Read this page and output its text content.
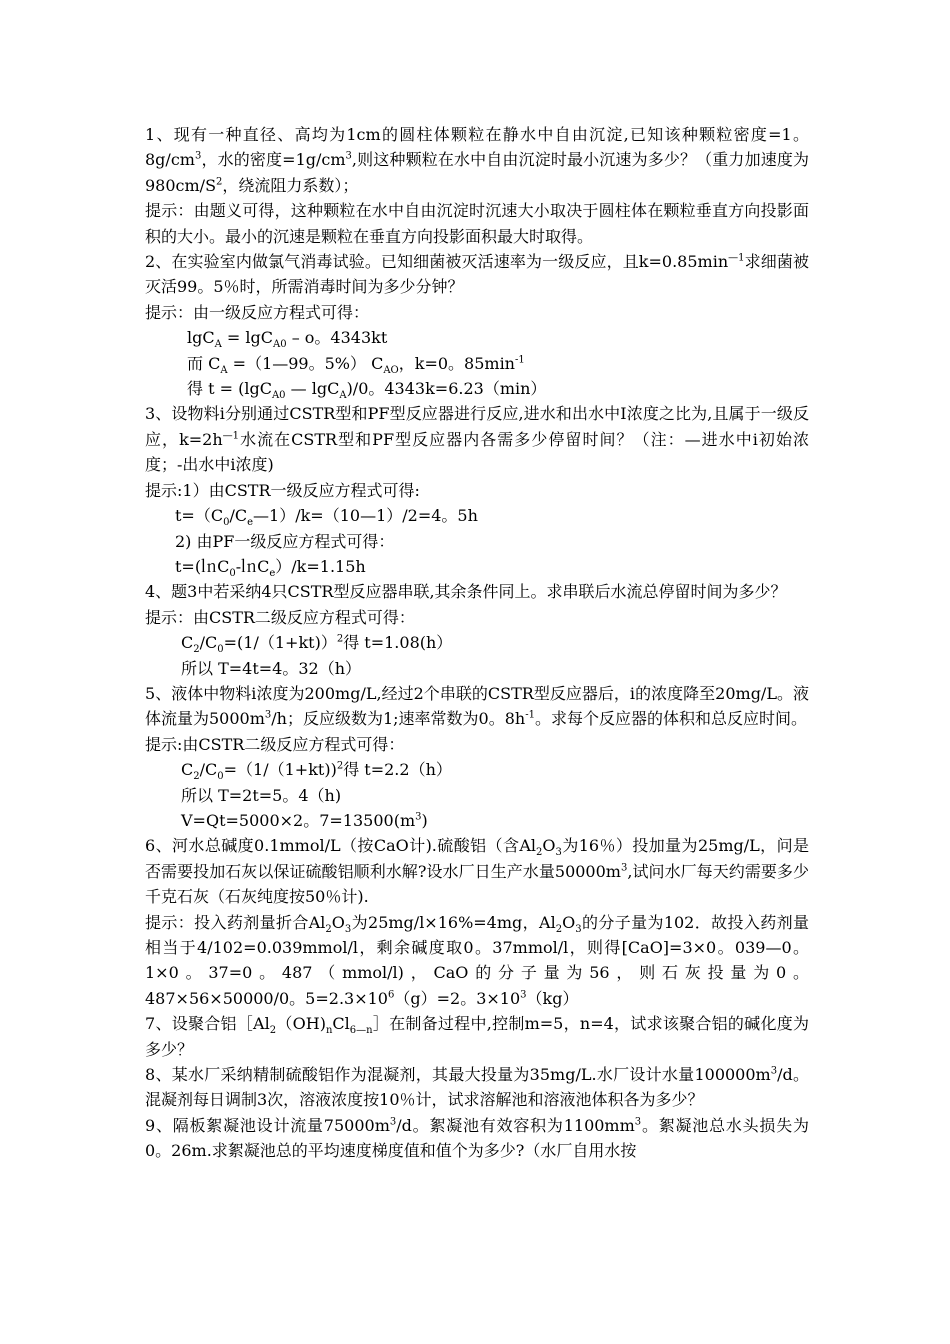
1、现有一种直径、高均为1cm的圆柱体颗粒在静水中自由沉淀,已知该种颗粒密度=1。$8g/cm^3$，水的密度$=1g/cm^3$,则这种颗粒在水中自由沉淀时最小沉速为多少？（重力加速度为$980cm/S^2$，绕流阻力系数）；

提示：由题义可得，这种颗粒在水中自由沉淀时沉速大小取决于圆柱体在颗粒垂直方向投影面积的大小。最小的沉速是颗粒在垂直方向投影面积最大时取得。

2、在实验室内做氯气消毒试验。已知细菌被灭活速率为一级反应，且$k=0.85\min^{—1}$求细菌被灭活99。5％时，所需消毒时间为多少分钟？

提示：由一级反应方程式可得：

lgC$_A$ = lgC$_{A0}$ – o。4343kt

而 $C_A$ =（1—99。5%） $C_{AO}$，k=0。$85\min^{-1}$

得 t = (lgC$_{A0}$ — lgC$_A$)/0。4343k=6.23（min）

3、设物料i分别通过CSTR型和PF型反应器进行反应,进水和出水中I浓度之比为,且属于一级反应，$k=2h^{—1}$水流在CSTR型和PF型反应器内各需多少停留时间？（注：—进水中i初始浓度；-出水中i浓度)

提示:1）由CSTR一级反应方程式可得:

$t=(C_0/C_e—1)/k=(10—1)/2=4$。5h

2) 由PF一级反应方程式可得：

$t=(㏑C_0-㏑C_e)/k=1.15h$

4、题3中若采纳4只CSTR型反应器串联,其余条件同上。求串联后水流总停留时间为多少？

提示：由CSTR二级反应方程式可得：

$C_2/C_0=(1/(1+kt))^2$得 t=1.08(h）

所以 T=4t=4。32（h）

5、液体中物料i浓度为200mg/L,经过2个串联的CSTR型反应器后，i的浓度降至20mg/L。液体流量为$5000m^3/h$；反应级数为1;速率常数为0。$8h^{-1}$。求每个反应器的体积和总反应时间。

提示:由CSTR二级反应方程式可得：

$C_2/C_0=(1/(1+kt))^2$得 t=2.2（h）

所以 T=2t=5。4（h)

V=Qt=5000×2。$7=13500(m^3)$

6、河水总碱度0.1mmol/L（按CaO计).硫酸铝（含$Al_2O_3$为16％）投加量为25mg/L，问是否需要投加石灰以保证硫酸铝顺利水解?设水厂日生产水量$50000m^3$,试问水厂每天约需要多少千克石灰（石灰纯度按50％计).

提示：投入药剂量折合$Al_2O_3$为25mg/l×16%=4mg，$Al_2O_3$的分子量为102．故投入药剂量相当于4/102=0.039mmol/l，剩余碱度取0。37mmol/l，则得[CaO]=3×0。039—0。1×0。37=0。487（mmol/l)，CaO的分子量为56，则石灰投量为0。487×56×50000/0。$5=2.3\times 10^6(g)=2$。$3\times 10^3(kg)$

7、设聚合铝$[Al_2(OH)_nCl_{6—n}]$在制备过程中,控制m=5，n=4，试求该聚合铝的碱化度为多少？

8、某水厂采纳精制硫酸铝作为混凝剂，其最大投量为35mg/L.水厂设计水量$100000m^3/d$。混凝剂每日调制3次，溶液浓度按10％计，试求溶解池和溶液池体积各为多少？

9、隔板絮凝池设计流量$75000m^3/d$。絮凝池有效容积为$1100mm^3$。絮凝池总水头损失为0。26m.求絮凝池总的平均速度梯度值和值个为多少?（水厂自用水按
